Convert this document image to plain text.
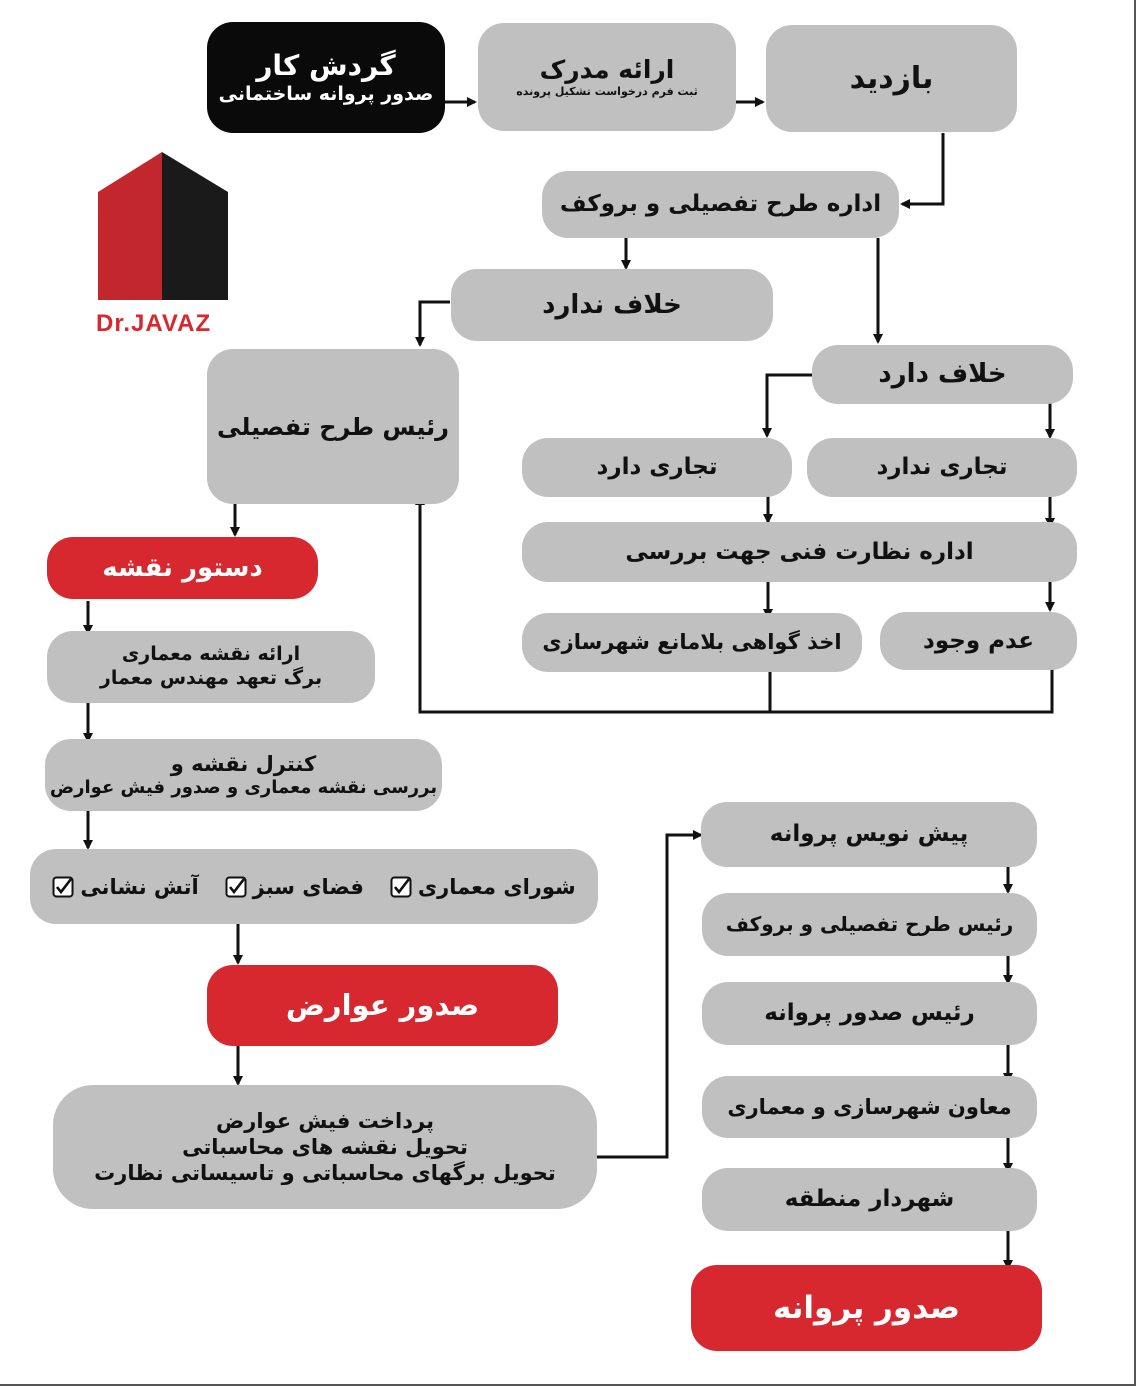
Dr.JAVAZ
گردش کار
صدور پروانه ساختمانی
ارائه مدرک
ثبت فرم درخواست تشکیل پرونده	بازدید
اداره طرح تفصیلی و بروکف
خلاف ندارد
رئیس طرح تفصیلی
خلاف دارد
تجاری دارد	تجاری ندارد
اداره نظارت فنی جهت بررسی
اخذ گواهی بلامانع شهرسازی	عدم وجود
دستور نقشه
ارائه نقشه معماری
برگ تعهد مهندس معمار
کنترل نقشه و
بررسی نقشه معماری و صدور فیش عوارض
شورای معماری
فضای سبز
آتش نشانی
صدور عوارض
پرداخت فیش عوارض
تحویل نقشه های محاسباتی
تحویل برگهای محاسباتی و تاسیساتی نظارت
پیش نویس پروانه
رئیس طرح تفصیلی و بروکف
رئیس صدور پروانه
معاون شهرسازی و معماری
شهردار منطقه
صدور پروانه
